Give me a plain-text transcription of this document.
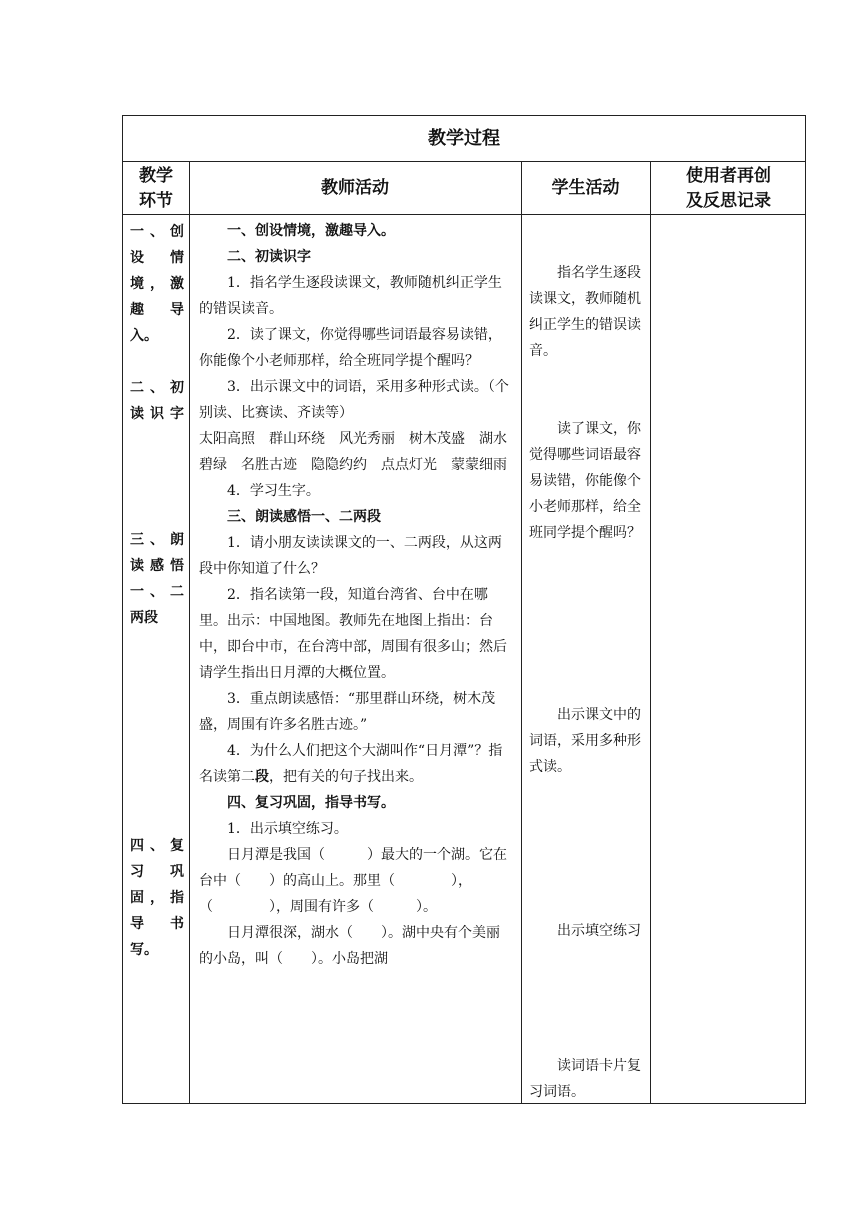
教学过程
教学
环节
教师活动	学生活动
使用者再创
及反思记录
一、创
设　情
境，激
趣　导
入。
二、初
读识字
三、朗
读感悟
一、二
两段
四、复
习　巩
固，指
导　书
写。

一、创设情境，激趣导入。

二、初读识字

1．指名学生逐段读课文，教师随机纠正学生的错误读音。

2．读了课文，你觉得哪些词语最容易读错，你能像个小老师那样，给全班同学提个醒吗？

3．出示课文中的词语，采用多种形式读。（个别读、比赛读、齐读等）

太阳高照　群山环绕　风光秀丽　树木茂盛　湖水碧绿　名胜古迹　隐隐约约　点点灯光　蒙蒙细雨

4．学习生字。

三、朗读感悟一、二两段

1．请小朋友读读课文的一、二两段，从这两段中你知道了什么？

2．指名读第一段，知道台湾省、台中在哪里。出示：中国地图。教师先在地图上指出：台中，即台中市，在台湾中部，周围有很多山；然后请学生指出日月潭的大概位置。

3．重点朗读感悟：“那里群山环绕，树木茂盛，周围有许多名胜古迹。”

4．为什么人们把这个大湖叫作“日月潭”？指名读第二段，把有关的句子找出来。

四、复习巩固，指导书写。

1．出示填空练习。

日月潭是我国（　　　）最大的一个湖。它在台中（　　）的高山上。那里（　　　　），（　　　　），周围有许多（　　　）。

日月潭很深，湖水（　　）。湖中央有个美丽的小岛，叫（　　）。小岛把湖

指名学生逐段读课文，教师随机纠正学生的错误读音。

读了课文，你觉得哪些词语最容易读错，你能像个小老师那样，给全班同学提个醒吗？

出示课文中的词语，采用多种形式读。

出示填空练习

读词语卡片复习词语。
